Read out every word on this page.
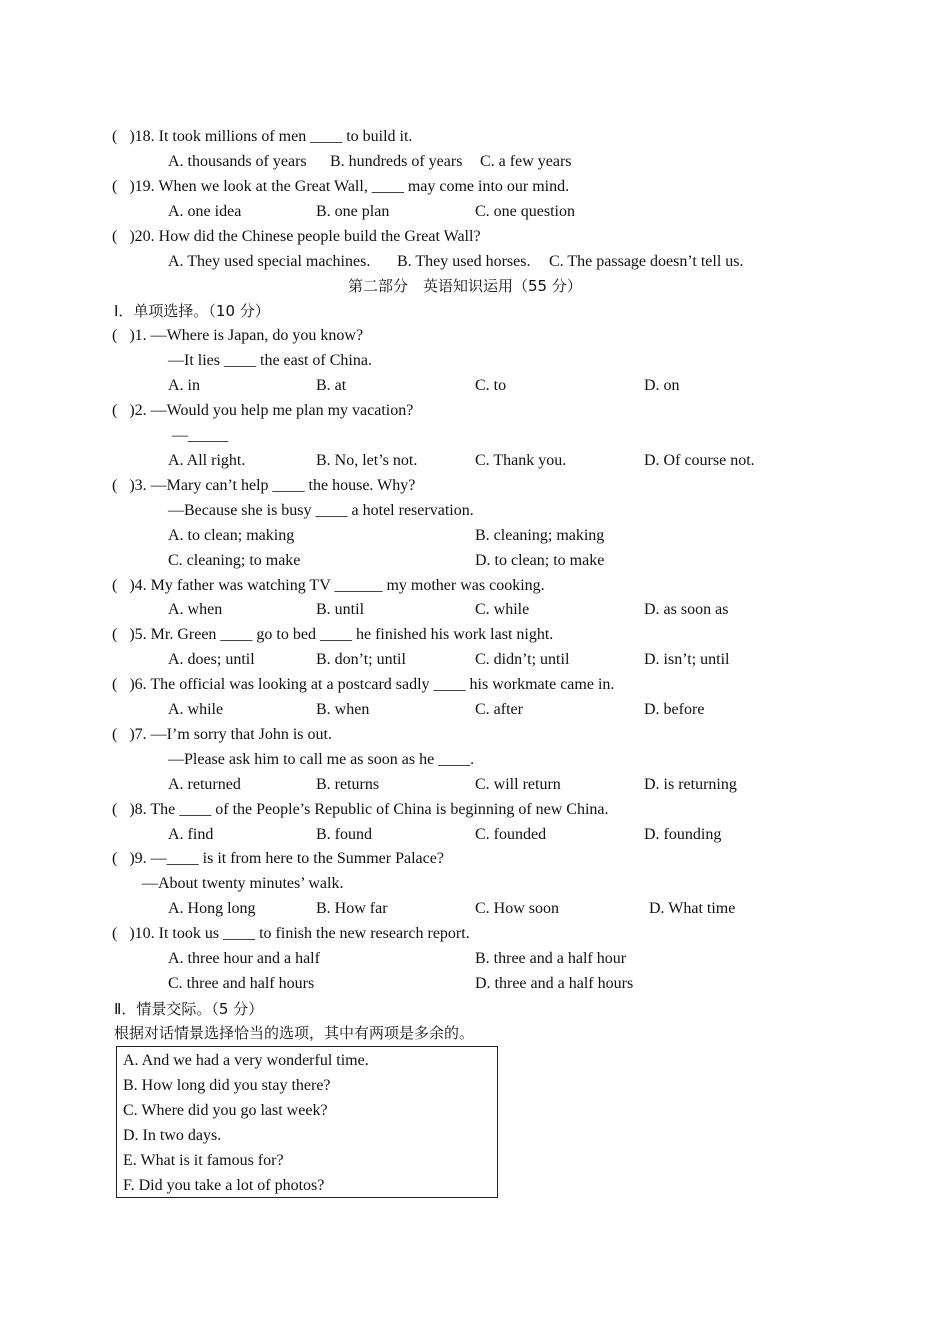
(   )18. It took millions of men ____ to build it.
A. thousands of years B. hundreds of years C. a few years
(   )19. When we look at the Great Wall, ____ may come into our mind.
A. one idea	B. one plan	C. one question
(   )20. How did the Chinese people build the Great Wall?
A. They used special machines. B. They used horses. C. The passage doesn’t tell us.
第二部分　英语知识运用（55 分）
Ⅰ．单项选择。（10 分）
(   )1. —Where is Japan, do you know?
—It lies ____ the east of China.
A. in	B. at	C. to	D. on
(   )2. —Would you help me plan my vacation?
—_____
A. All right.	B. No, let’s not.	C. Thank you.	D. Of course not.
(   )3. —Mary can’t help ____ the house. Why?
—Because she is busy ____ a hotel reservation.
A. to clean; making	B. cleaning; making
C. cleaning; to make	D. to clean; to make
(   )4. My father was watching TV ______ my mother was cooking.
A. when	B. until	C. while	D. as soon as
(   )5. Mr. Green ____ go to bed ____ he finished his work last night.
A. does; until	B. don’t; until	C. didn’t; until	D. isn’t; until
(   )6. The official was looking at a postcard sadly ____ his workmate came in.
A. while	B. when	C. after	D. before
(   )7. —I’m sorry that John is out.
—Please ask him to call me as soon as he ____.
A. returned	B. returns	C. will return	D. is returning
(   )8. The ____ of the People’s Republic of China is beginning of new China.
A. find	B. found	C. founded	D. founding
(   )9. —____ is it from here to the Summer Palace?
—About twenty minutes’ walk.
A. Hong long	B. How far	C. How soon	D. What time
(   )10. It took us ____ to finish the new research report.
A. three hour and a half	B. three and a half hour
C. three and half hours	D. three and a half hours
Ⅱ．情景交际。（5 分）
根据对话情景选择恰当的选项，其中有两项是多余的。
A. And we had a very wonderful time.
B. How long did you stay there?
C. Where did you go last week?
D. In two days.
E. What is it famous for?
F. Did you take a lot of photos?
